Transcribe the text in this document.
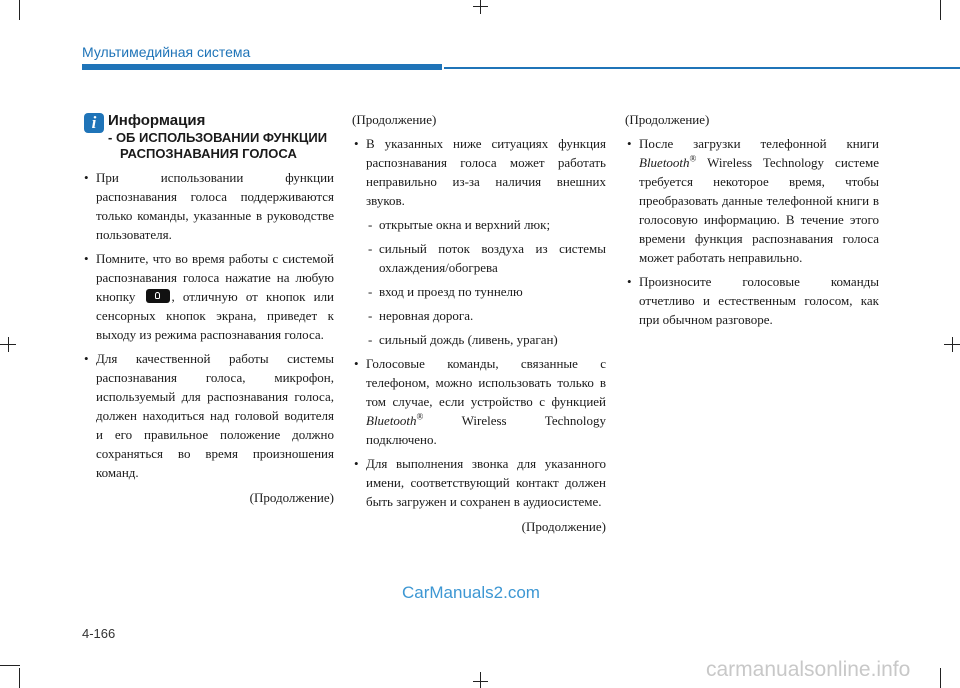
Мультимедийная система
i Информация
- ОБ ИСПОЛЬЗОВАНИИ ФУНКЦИИ РАСПОЗНАВАНИЯ ГОЛОСА

• При использовании функции распознавания голоса поддерживаются только команды, указанные в руководстве пользователя.

• Помните, что во время работы с системой распознавания голоса нажатие на любую кнопку	, отличную от кнопок или сенсорных кнопок экрана, приведет к выходу из режима распознавания голоса.

• Для качественной работы системы распознавания голоса, микрофон, используемый для распознавания голоса, должен находиться над головой водителя и его правильное положение должно сохраняться во время произношения команд.

(Продолжение)

(Продолжение)

• В указанных ниже ситуациях функция распознавания голоса может работать неправильно из-за наличия внешних звуков.

- открытые окна и верхний люк;

- сильный поток воздуха из системы охлаждения/обогрева

- вход и проезд по туннелю

- неровная дорога.

- сильный дождь (ливень, ураган)

• Голосовые команды, связанные с телефоном, можно использовать только в том случае, если устройство с функцией Bluetooth®	Wireless Technology подключено.

• Для выполнения звонка для указанного имени, соответствующий контакт должен быть загружен и сохранен в аудиосистеме.

(Продолжение)

(Продолжение)

• После загрузки телефонной книги Bluetooth® Wireless Technology системе требуется некоторое время, чтобы преобразовать данные телефонной книги в голосовую информацию. В течение этого времени функция распознавания голоса может работать неправильно.

• Произносите голосовые команды отчетливо и естественным голосом, как при обычном разговоре.

CarManuals2.com
4-166
carmanualsonline.info
